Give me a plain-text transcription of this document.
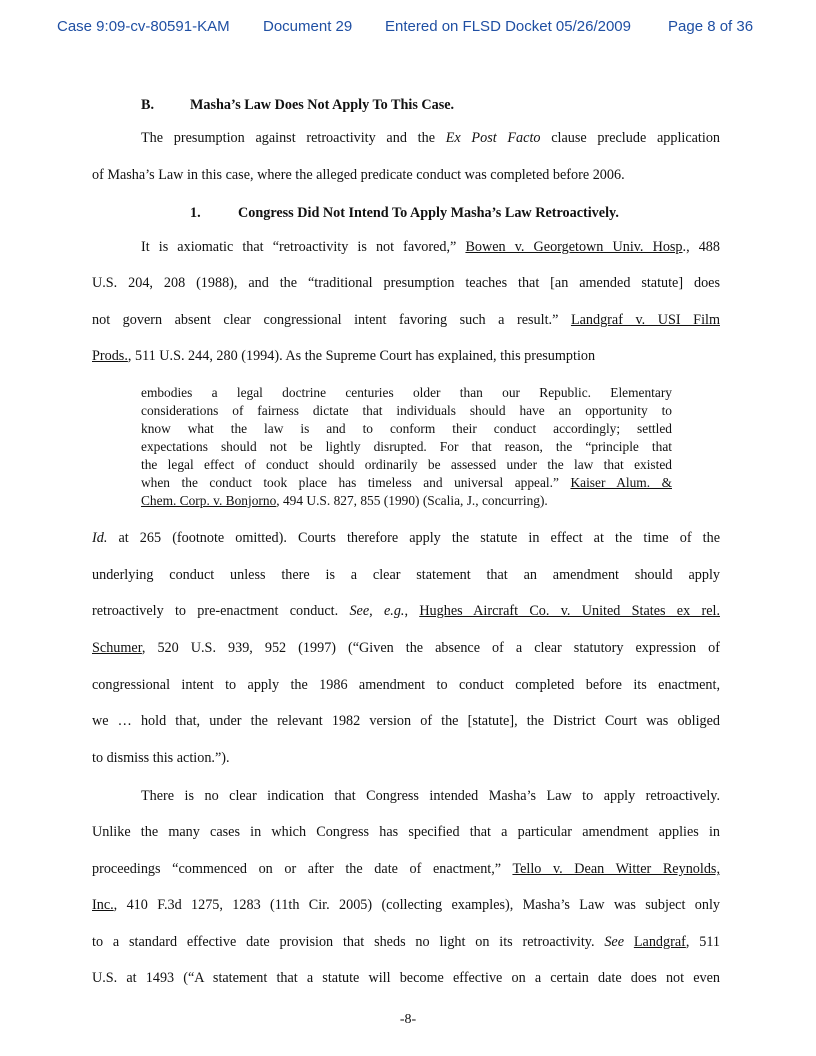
Case 9:09-cv-80591-KAM Document 29 Entered on FLSD Docket 05/26/2009 Page 8 of 36
B.	Masha’s Law Does Not Apply To This Case.
The presumption against retroactivity and the Ex Post Facto clause preclude application
of Masha’s Law in this case, where the alleged predicate conduct was completed before 2006.
1.	Congress Did Not Intend To Apply Masha’s Law Retroactively.
It is axiomatic that “retroactivity is not favored,” Bowen v. Georgetown Univ. Hosp., 488
U.S. 204, 208 (1988), and the “traditional presumption teaches that [an amended statute] does
not govern absent clear congressional intent favoring such a result.” Landgraf v. USI Film
Prods., 511 U.S. 244, 280 (1994). As the Supreme Court has explained, this presumption
embodies a legal doctrine centuries older than our Republic. Elementary
considerations of fairness dictate that individuals should have an opportunity to
know what the law is and to conform their conduct accordingly; settled
expectations should not be lightly disrupted. For that reason, the “principle that
the legal effect of conduct should ordinarily be assessed under the law that existed
when the conduct took place has timeless and universal appeal.” Kaiser Alum. &
Chem. Corp. v. Bonjorno, 494 U.S. 827, 855 (1990) (Scalia, J., concurring).
Id. at 265 (footnote omitted). Courts therefore apply the statute in effect at the time of the
underlying conduct unless there is a clear statement that an amendment should apply
retroactively to pre-enactment conduct. See, e.g., Hughes Aircraft Co. v. United States ex rel.
Schumer, 520 U.S. 939, 952 (1997) (“Given the absence of a clear statutory expression of
congressional intent to apply the 1986 amendment to conduct completed before its enactment,
we … hold that, under the relevant 1982 version of the [statute], the District Court was obliged
to dismiss this action.”).
There is no clear indication that Congress intended Masha’s Law to apply retroactively.
Unlike the many cases in which Congress has specified that a particular amendment applies in
proceedings “commenced on or after the date of enactment,” Tello v. Dean Witter Reynolds,
Inc., 410 F.3d 1275, 1283 (11th Cir. 2005) (collecting examples), Masha’s Law was subject only
to a standard effective date provision that sheds no light on its retroactivity. See Landgraf, 511
U.S. at 1493 (“A statement that a statute will become effective on a certain date does not even
-8-
